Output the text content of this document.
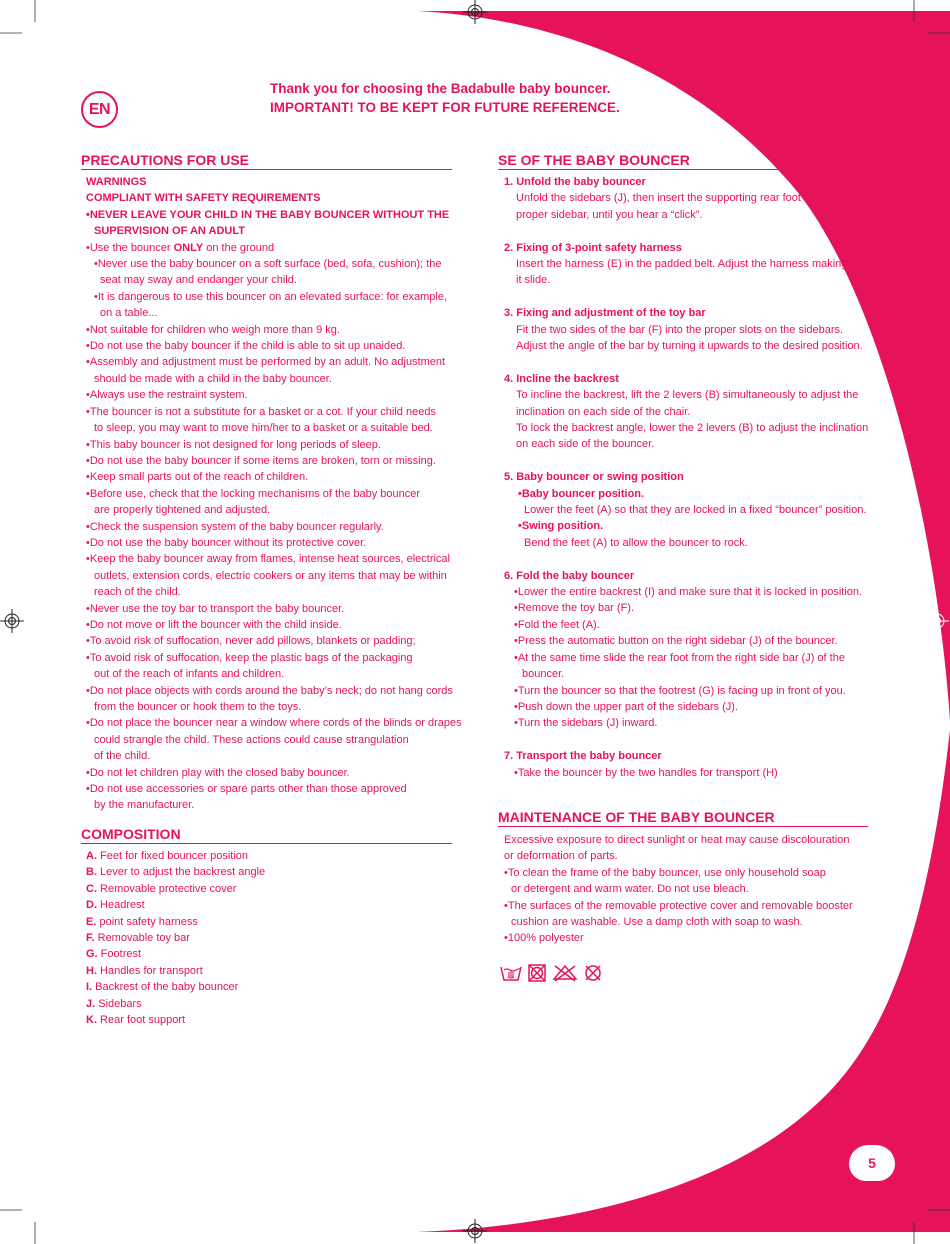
Thank you for choosing the Badabulle baby bouncer.
IMPORTANT! TO BE KEPT FOR FUTURE REFERENCE.
EN
PRECAUTIONS FOR USE
WARNINGS
COMPLIANT WITH SAFETY REQUIREMENTS
•NEVER LEAVE YOUR CHILD IN THE BABY BOUNCER WITHOUT THE
SUPERVISION OF AN ADULT
•Use the bouncer ONLY on the ground
•Never use the baby bouncer on a soft surface (bed, sofa, cushion); the
seat may sway and endanger your child.
•It is dangerous to use this bouncer on an elevated surface: for example,
on a table...
•Not suitable for children who weigh more than 9 kg.
•Do not use the baby bouncer if the child is able to sit up unaided.
•Assembly and adjustment must be performed by an adult. No adjustment
should be made with a child in the baby bouncer.
•Always use the restraint system.
•The bouncer is not a substitute for a basket or a cot. If your child needs
to sleep, you may want to move him/her to a basket or a suitable bed.
•This baby bouncer is not designed for long periods of sleep.
•Do not use the baby bouncer if some items are broken, torn or missing.
•Keep small parts out of the reach of children.
•Before use, check that the locking mechanisms of the baby bouncer
are properly tightened and adjusted.
•Check the suspension system of the baby bouncer regularly.
•Do not use the baby bouncer without its protective cover.
•Keep the baby bouncer away from flames, intense heat sources, electrical
outlets, extension cords, electric cookers or any items that may be within
reach of the child.
•Never use the toy bar to transport the baby bouncer.
•Do not move or lift the bouncer with the child inside.
•To avoid risk of suffocation, never add pillows, blankets or padding;
•To avoid risk of suffocation, keep the plastic bags of the packaging
out of the reach of infants and children.
•Do not place objects with cords around the baby’s neck; do not hang cords
from the bouncer or hook them to the toys.
•Do not place the bouncer near a window where cords of the blinds or drapes
could strangle the child. These actions could cause strangulation
of the child.
•Do not let children play with the closed baby bouncer.
•Do not use accessories or spare parts other than those approved
by the manufacturer.
COMPOSITION
A. Feet for fixed bouncer position
B. Lever to adjust the backrest angle
C. Removable protective cover
D. Headrest
E. point safety harness
F. Removable toy bar
G. Footrest
H. Handles for transport
I. Backrest of the baby bouncer
J. Sidebars
K. Rear foot support
SE OF THE BABY BOUNCER
1. Unfold the baby bouncer
Unfold the sidebars (J), then insert the supporting rear foot (K) in the
proper sidebar, until you hear a “click”.
2. Fixing of 3-point safety harness
Insert the harness (E) in the padded belt. Adjust the harness making
it slide.
3. Fixing and adjustment of the toy bar
Fit the two sides of the bar (F) into the proper slots on the sidebars.
Adjust the angle of the bar by turning it upwards to the desired position.
4. Incline the backrest
To incline the backrest, lift the 2 levers (B) simultaneously to adjust the
inclination on each side of the chair.
To lock the backrest angle, lower the 2 levers (B) to adjust the inclination
on each side of the bouncer.
5. Baby bouncer or swing position
•Baby bouncer position.
Lower the feet (A) so that they are locked in a fixed “bouncer” position.
•Swing position.
Bend the feet (A) to allow the bouncer to rock.
6. Fold the baby bouncer
•Lower the entire backrest (I) and make sure that it is locked in position.
•Remove the toy bar (F).
•Fold the feet (A).
•Press the automatic button on the right sidebar (J) of the bouncer.
•At the same time slide the rear foot from the right side bar (J) of the
bouncer.
•Turn the bouncer so that the footrest (G) is facing up in front of you.
•Push down the upper part of the sidebars (J).
•Turn the sidebars (J) inward.
7. Transport the baby bouncer
•Take the bouncer by the two handles for transport (H)
MAINTENANCE OF THE BABY BOUNCER
Excessive exposure to direct sunlight or heat may cause discolouration
or deformation of parts.
•To clean the frame of the baby bouncer, use only household soap
or detergent and warm water. Do not use bleach.
•The surfaces of the removable protective cover and removable booster
cushion are washable. Use a damp cloth with soap to wash.
•100% polyester
5
